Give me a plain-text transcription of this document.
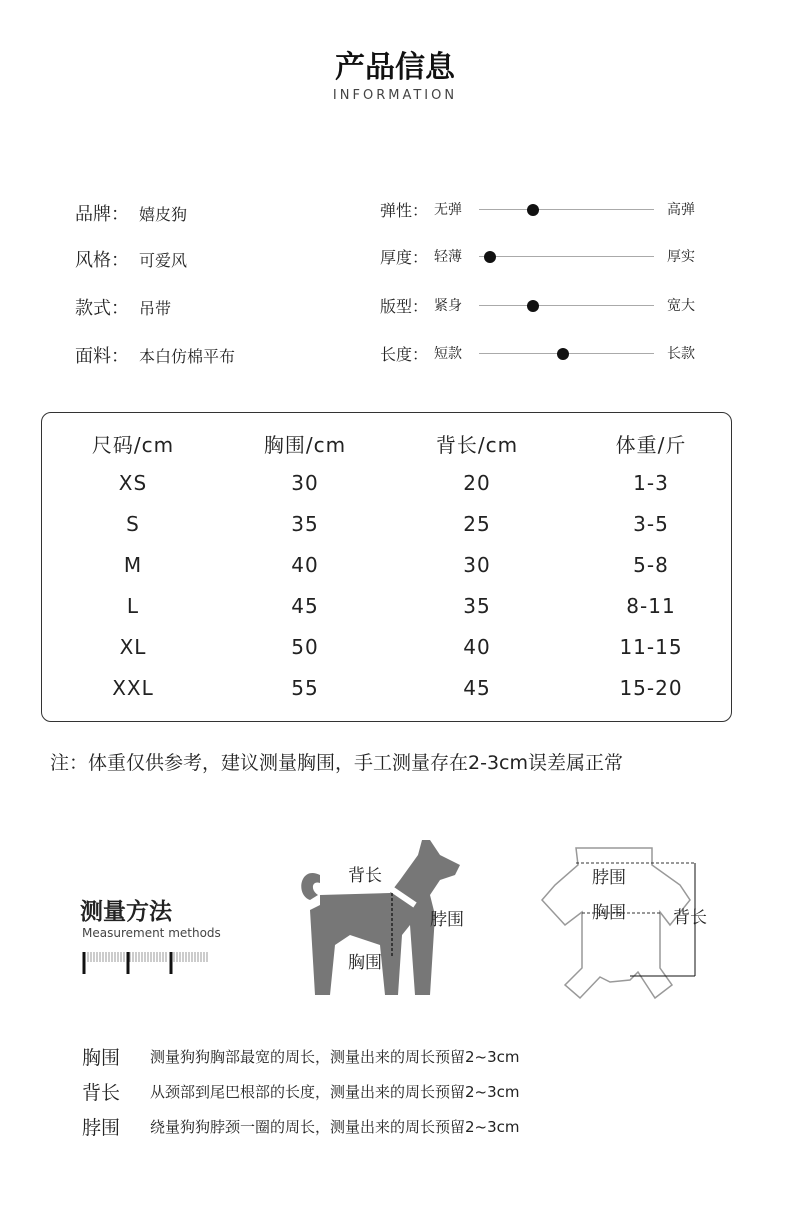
产品信息
INFORMATION
品牌： 嬉皮狗
风格： 可爱风
款式： 吊带
面料： 本白仿棉平布
弹性： 无弹	高弹
厚度： 轻薄	厚实
版型： 紧身	宽大
长度： 短款	长款
尺码/cm	胸围/cm	背长/cm	体重/斤
XS	30	20	1-3
S	35	25	3-5
M	40	30	5-8
L	45	35	8-11
XL	50	40	11-15
XXL	55	45	15-20
注：体重仅供参考，建议测量胸围，手工测量存在2-3cm误差属正常
测量方法
Measurement methods
背长
脖围
胸围
脖围
胸围	背长
胸围 测量狗狗胸部最宽的周长，测量出来的周长预留2~3cm
背长 从颈部到尾巴根部的长度，测量出来的周长预留2~3cm
脖围 绕量狗狗脖颈一圈的周长，测量出来的周长预留2~3cm
